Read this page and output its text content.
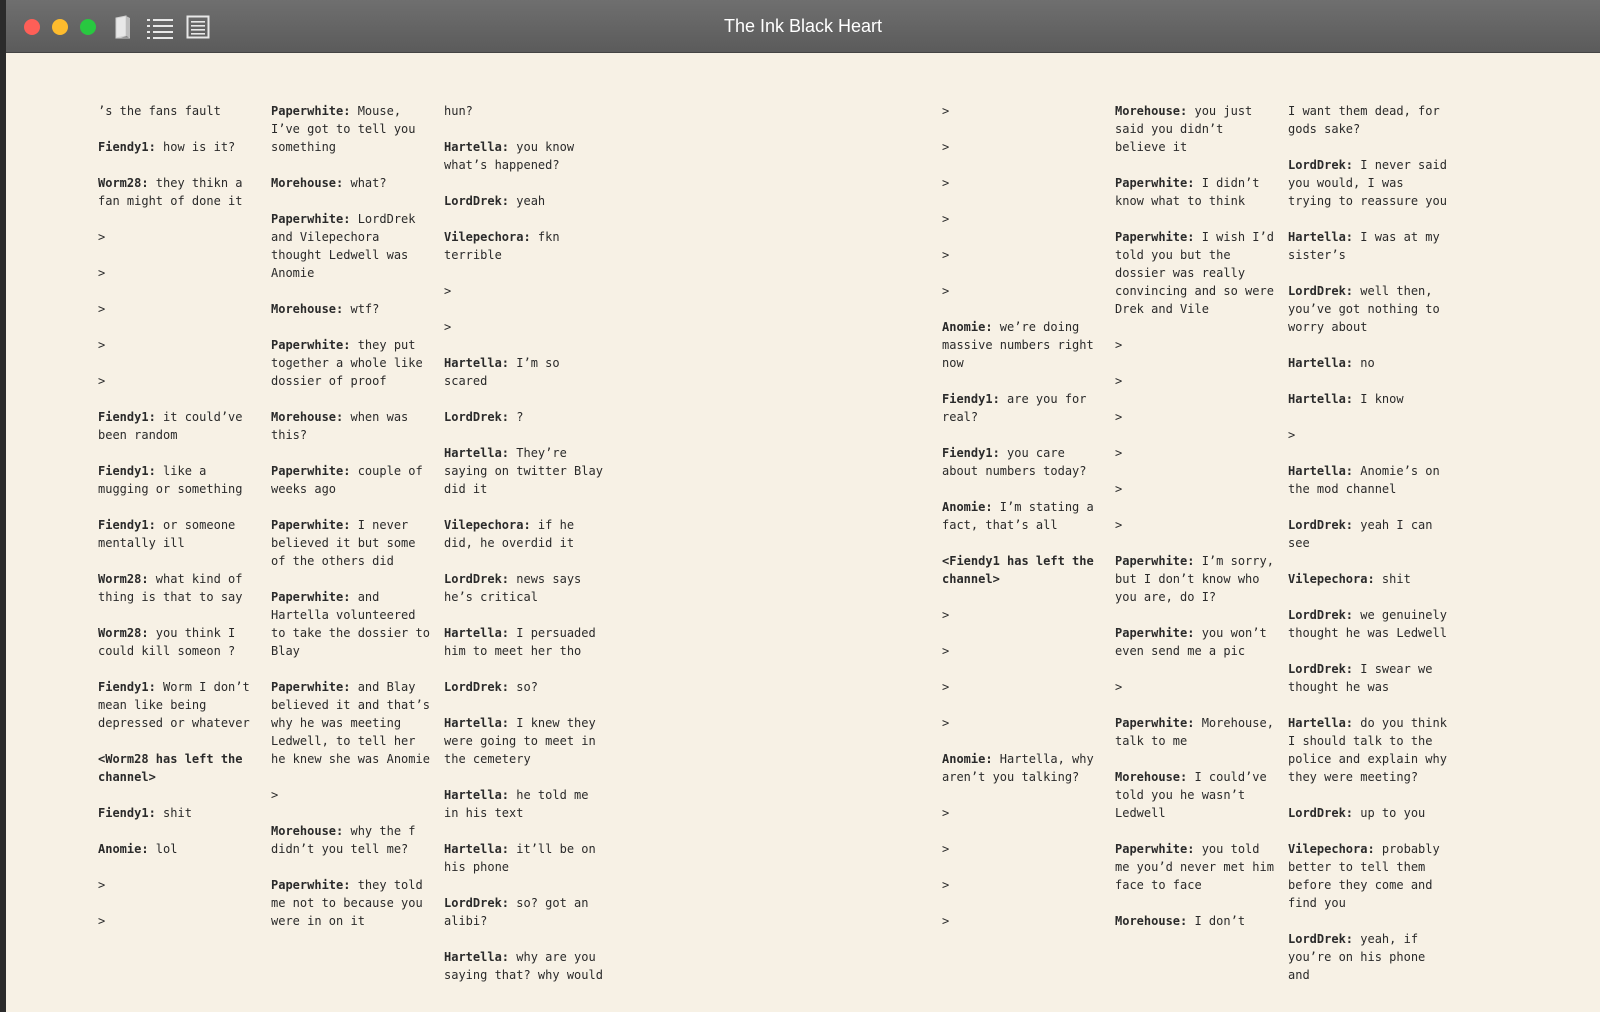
The Ink Black Heart
’s the fans fault
Fiendy1: how is it?
Worm28: they thikn a fan might of done it
>
>
>
>
>
Fiendy1: it could’ve been random
Fiendy1: like a mugging or something
Fiendy1: or someone mentally ill
Worm28: what kind of thing is that to say
Worm28: you think I could kill someon ?
Fiendy1: Worm I don’t mean like being depressed or whatever
<Worm28 has left the channel>
Fiendy1: shit
Anomie: lol
>
>
Paperwhite: Mouse, I’ve got to tell you something
Morehouse: what?
Paperwhite: LordDrek and Vilepechora thought Ledwell was Anomie
Morehouse: wtf?
Paperwhite: they put together a whole like dossier of proof
Morehouse: when was this?
Paperwhite: couple of weeks ago
Paperwhite: I never believed it but some of the others did
Paperwhite: and Hartella volunteered to take the dossier to Blay
Paperwhite: and Blay believed it and that’s why he was meeting Ledwell, to tell her he knew she was Anomie
>
Morehouse: why the f didn’t you tell me?
Paperwhite: they told me not to because you were in on it
hun?
Hartella: you know what’s happened?
LordDrek: yeah
Vilepechora: fkn terrible
>
>
Hartella: I’m so scared
LordDrek: ?
Hartella: They’re saying on twitter Blay did it
Vilepechora: if he did, he overdid it
LordDrek: news says he’s critical
Hartella: I persuaded him to meet her tho
LordDrek: so?
Hartella: I knew they were going to meet in the cemetery
Hartella: he told me in his text
Hartella: it’ll be on his phone
LordDrek: so? got an alibi?
Hartella: why are you saying that? why would
>
>
>
>
>
>
Anomie: we’re doing massive numbers right now
Fiendy1: are you for real?
Fiendy1: you care about numbers today?
Anomie: I’m stating a fact, that’s all
<Fiendy1 has left the channel>
>
>
>
>
Anomie: Hartella, why aren’t you talking?
>
>
>
>
Morehouse: you just said you didn’t believe it
Paperwhite: I didn’t know what to think
Paperwhite: I wish I’d told you but the dossier was really convincing and so were Drek and Vile
>
>
>
>
>
>
Paperwhite: I’m sorry, but I don’t know who you are, do I?
Paperwhite: you won’t even send me a pic
>
Paperwhite: Morehouse, talk to me
Morehouse: I could’ve told you he wasn’t Ledwell
Paperwhite: you told me you’d never met him face to face
Morehouse: I don’t
I want them dead, for gods sake?
LordDrek: I never said you would, I was trying to reassure you
Hartella: I was at my sister’s
LordDrek: well then, you’ve got nothing to worry about
Hartella: no
Hartella: I know
>
Hartella: Anomie’s on the mod channel
LordDrek: yeah I can see
Vilepechora: shit
LordDrek: we genuinely thought he was Ledwell
LordDrek: I swear we thought he was
Hartella: do you think I should talk to the police and explain why they were meeting?
LordDrek: up to you
Vilepechora: probably better to tell them before they come and find you
LordDrek: yeah, if you’re on his phone and
